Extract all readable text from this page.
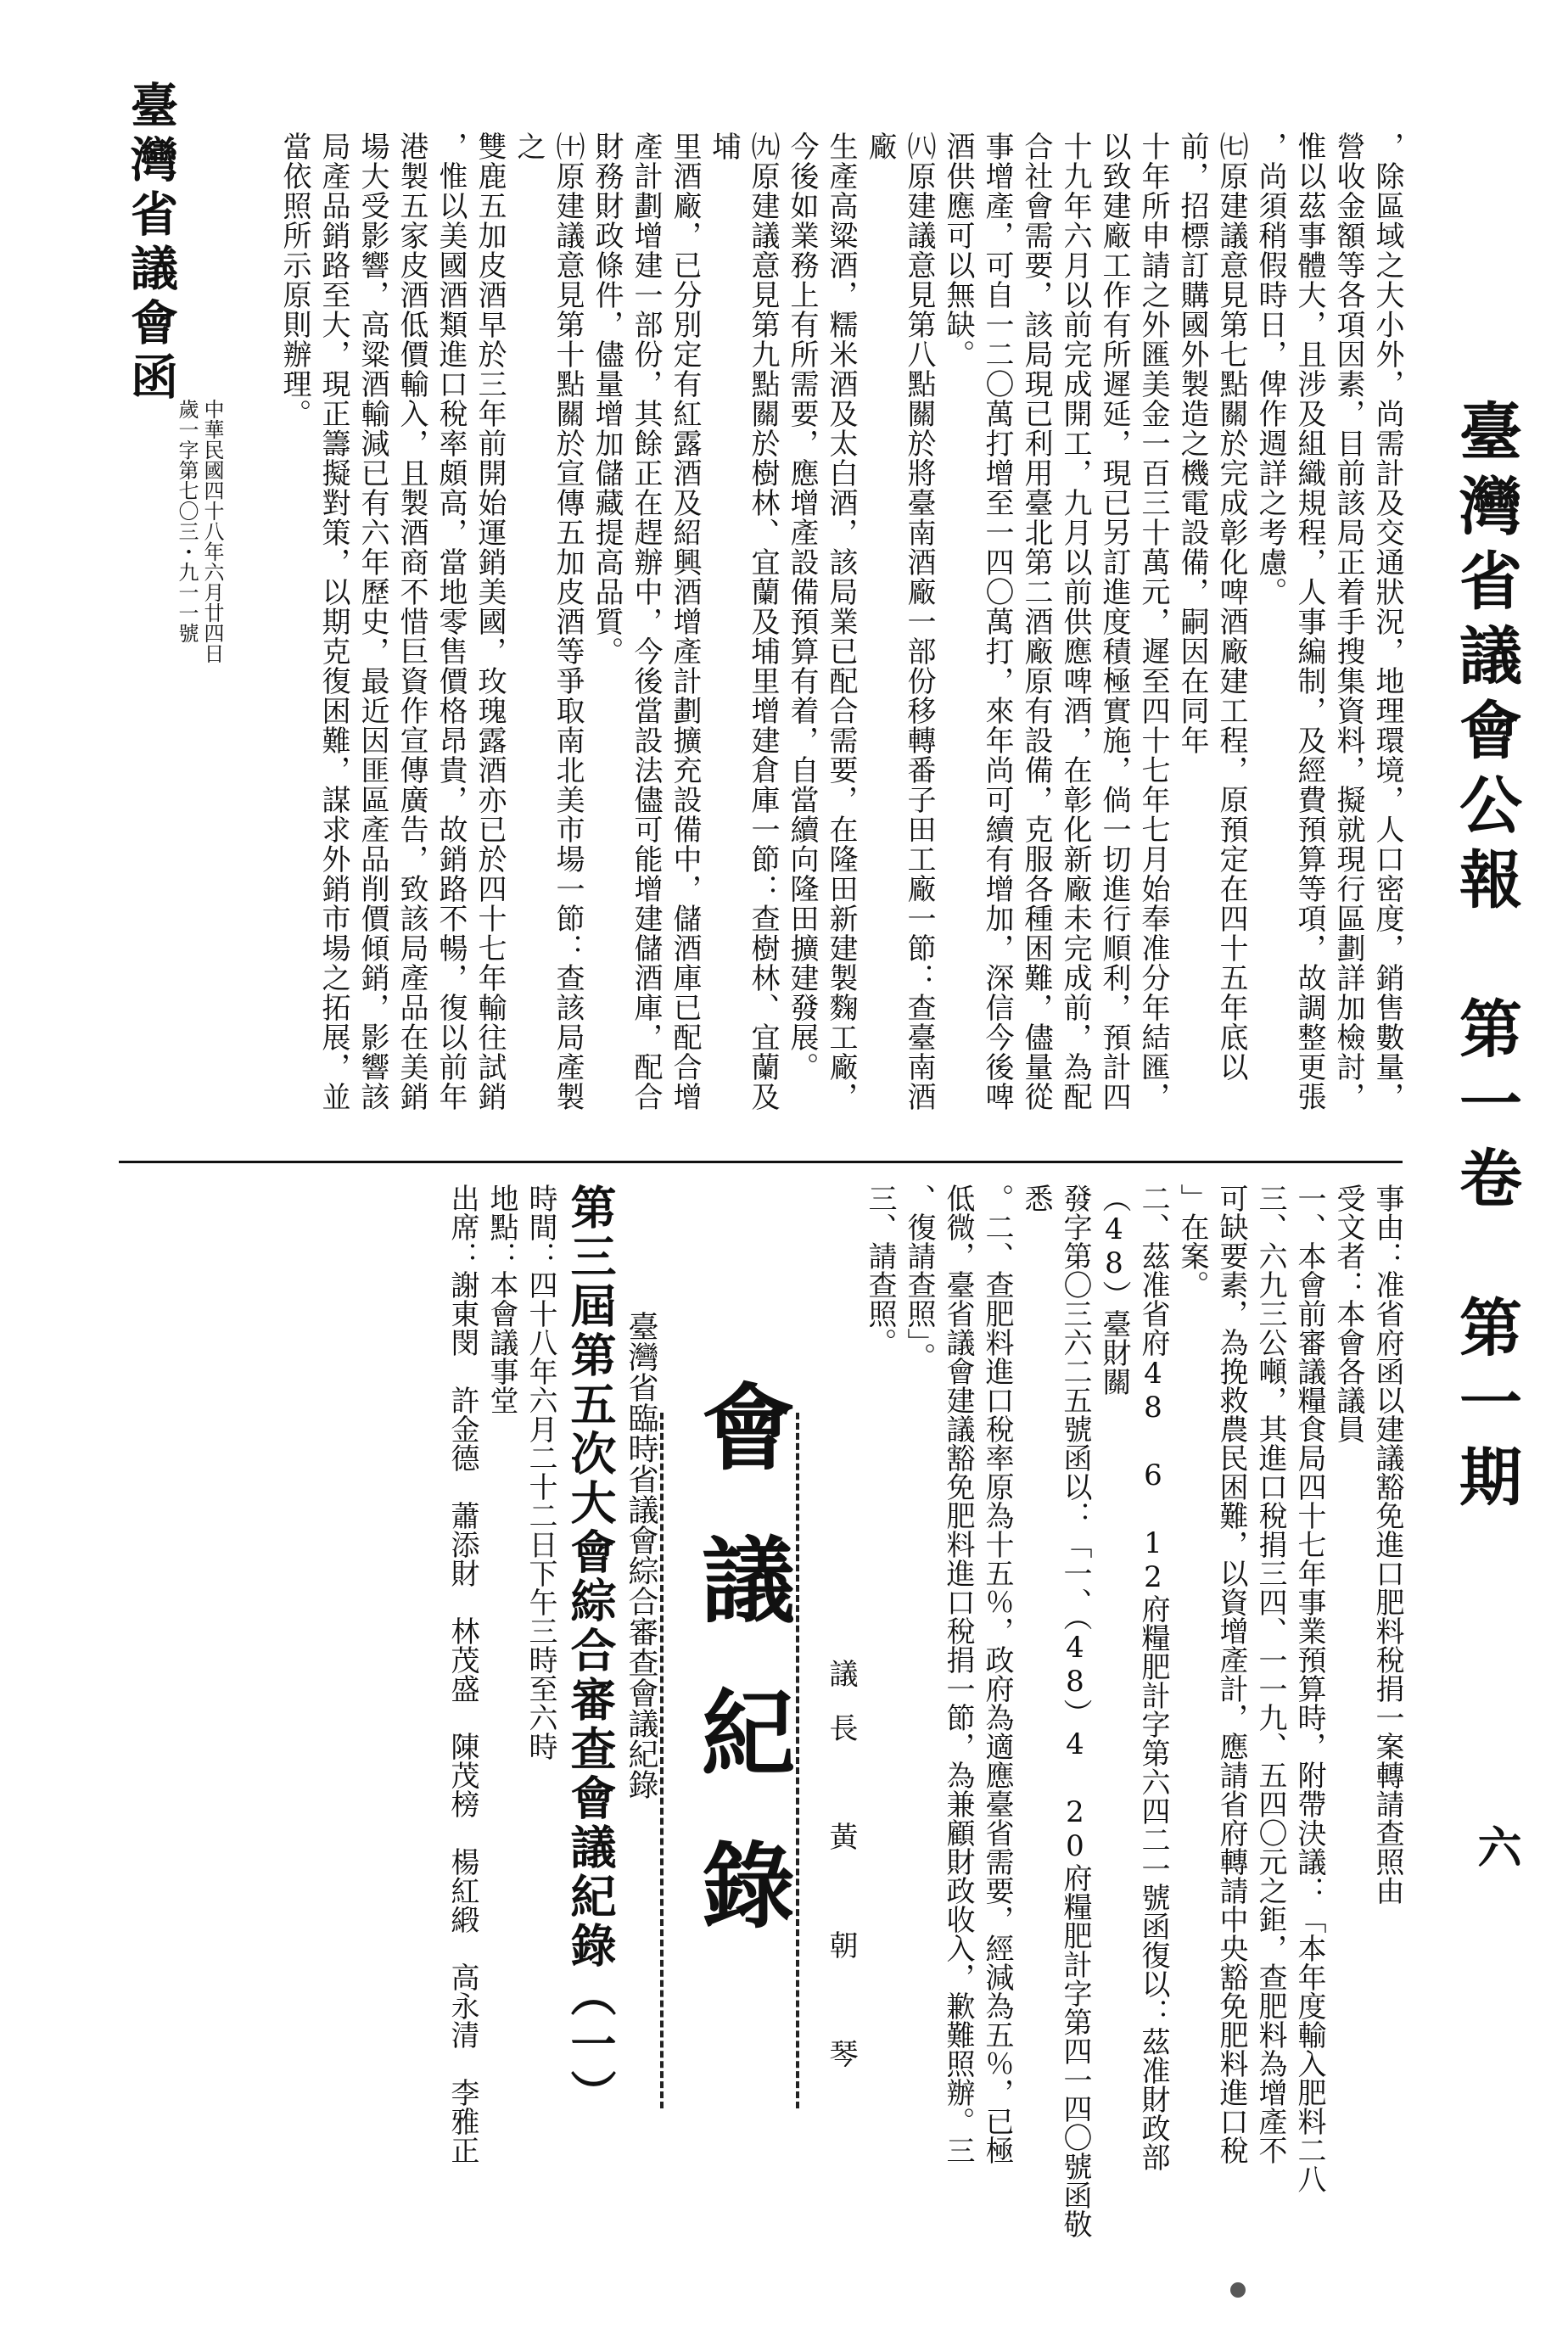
臺灣省議會公報　第一卷　第一期
六

，除區域之大小外，尚需計及交通狀況，地理環境，人口密度，銷售數量，

營收金額等各項因素，目前該局正着手搜集資料，擬就現行區劃詳加檢討，

惟以茲事體大，且涉及組織規程，人事編制，及經費預算等項，故調整更張

，尚須稍假時日，俾作週詳之考慮。

㈦原建議意見第七點關於完成彰化啤酒廠建工程，原預定在四十五年底以前，招標訂購國外製造之機電設備，嗣因在同年

十年所申請之外匯美金一百三十萬元，遲至四十七年七月始奉准分年結匯，

以致建廠工作有所遲延，現已另訂進度積極實施，倘一切進行順利，預計四

十九年六月以前完成開工，九月以前供應啤酒，在彰化新廠未完成前，為配

合社會需要，該局現已利用臺北第二酒廠原有設備，克服各種困難，儘量從

事增產，可自一二〇萬打增至一四〇萬打，來年尚可續有增加，深信今後啤

酒供應可以無缺。

㈧原建議意見第八點關於將臺南酒廠一部份移轉番子田工廠一節：查臺南酒廠

生產高粱酒，糯米酒及太白酒，該局業已配合需要，在隆田新建製麴工廠，

今後如業務上有所需要，應增產設備預算有着，自當續向隆田擴建發展。

㈨原建議意見第九點關於樹林、宜蘭及埔里增建倉庫一節：查樹林、宜蘭及埔

里酒廠，已分別定有紅露酒及紹興酒增產計劃擴充設備中，儲酒庫已配合增

產計劃增建一部份，其餘正在趕辦中，今後當設法儘可能增建儲酒庫，配合

財務財政條件，儘量增加儲藏提高品質。

㈩原建議意見第十點關於宣傳五加皮酒等爭取南北美市場一節：查該局產製之

雙鹿五加皮酒早於三年前開始運銷美國，玫瑰露酒亦已於四十七年輸往試銷

，惟以美國酒類進口稅率頗高，當地零售價格昂貴，故銷路不暢，復以前年

港製五家皮酒低價輸入，且製酒商不惜巨資作宣傳廣告，致該局產品在美銷

場大受影響，高粱酒輸減已有六年歷史，最近因匪區產品削價傾銷，影響該

局產品銷路至大，現正籌擬對策，以期克復困難，謀求外銷市場之拓展，並

當依照所示原則辦理。

臺灣省議會函
中華民國四十八年六月廿四日
歲一字第七〇三・九一一號

事由：准省府函以建議豁免進口肥料稅捐一案轉請查照由

受文者：本會各議員

一、本會前審議糧食局四十七年事業預算時，附帶決議：「本年度輸入肥料二八

三、六九三公噸，其進口稅捐三四、一一九、五四〇元之鉅，查肥料為增產不

可缺要素，為挽救農民困難，以資增產計，應請省府轉請中央豁免肥料進口稅

」在案。

二、茲准省府48 6 12府糧肥計字第六四二一號函復以：茲准財政部（48）臺財關

發字第〇三六二五號函以：「一、（48）4 20府糧肥計字第四一四〇號函敬悉

。二、查肥料進口稅率原為十五％，政府為適應臺省需要，經減為五％，已極

低微，臺省議會建議豁免肥料進口稅捐一節，為兼顧財政收入，歉難照辦。三

、復請查照」。

三、請查照。

議長　黃　朝　琴

會議紀錄

臺灣省臨時省議會綜合審查會議紀錄

第三屆第五次大會綜合審查會議紀錄（一）

時間：四十八年六月二十二日下午三時至六時

地點：本會議事堂

出席：謝東閔　許金德　蕭添財　林茂盛　陳茂榜　楊紅緞　高永清　李雅正
